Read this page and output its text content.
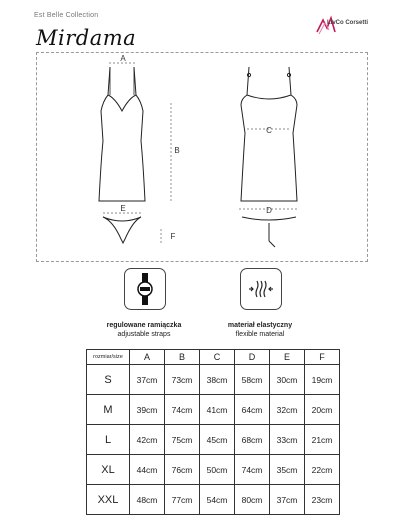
Est Belle Collection
Mirdama
LivCo Corsetti
A
B
C
D
E
F
regulowane ramiączka
adjustable straps
materiał elastyczny
flexible material
rozmiar/size	A	B	C	D	E	F
S	37cm	73cm	38cm	58cm	30cm	19cm
M	39cm	74cm	41cm	64cm	32cm	20cm
L	42cm	75cm	45cm	68cm	33cm	21cm
XL	44cm	76cm	50cm	74cm	35cm	22cm
XXL	48cm	77cm	54cm	80cm	37cm	23cm
